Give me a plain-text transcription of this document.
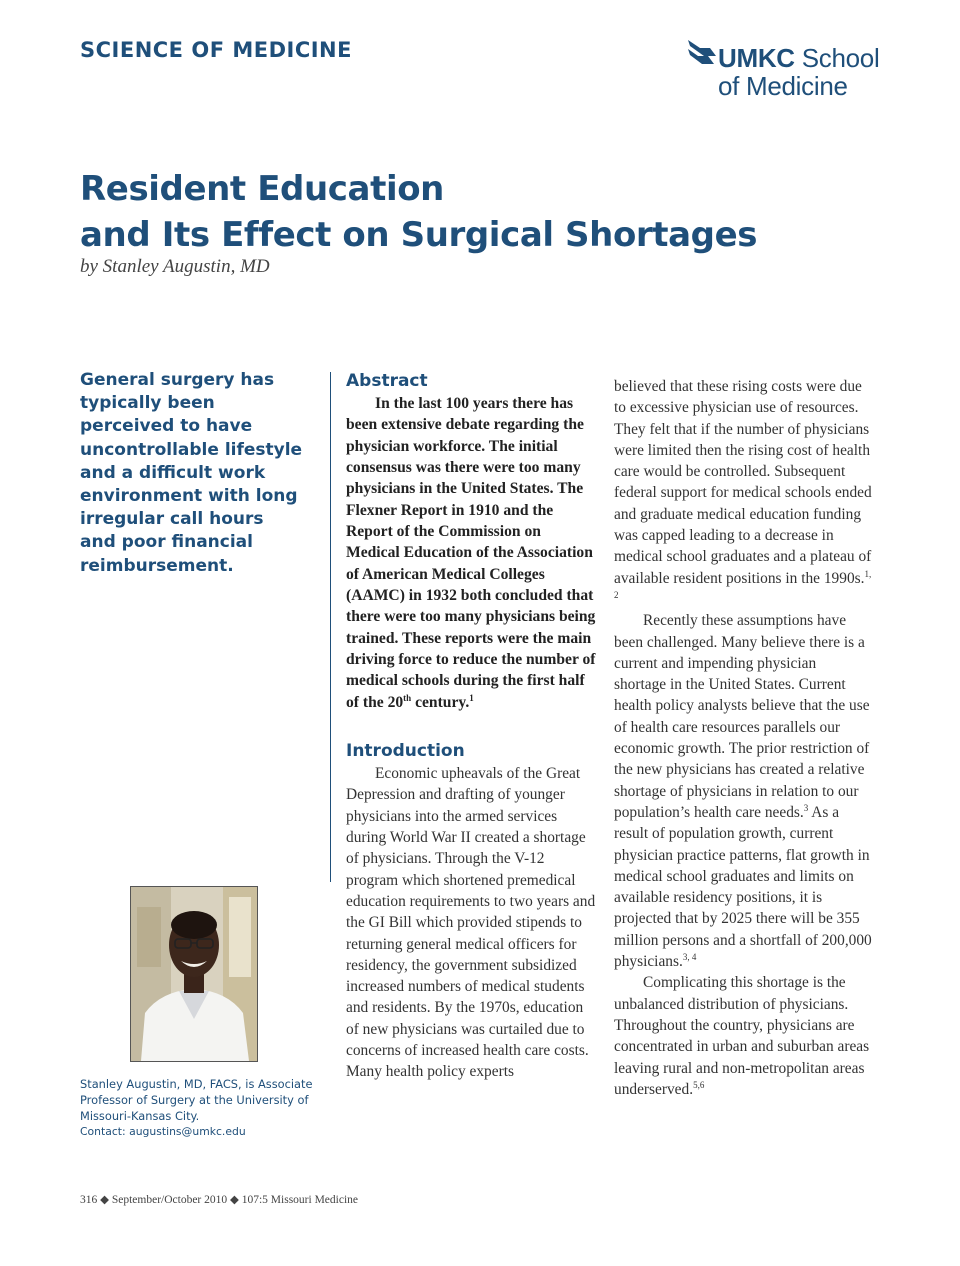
SCIENCE OF MEDICINE	UMKC School
of Medicine
Resident Education
and Its Effect on Surgical Shortages
by Stanley Augustin, MD
General surgery has typically been perceived to have uncontrollable lifestyle and a difficult work environment with long irregular call hours and poor financial reimbursement.
Abstract

In the last 100 years there has been extensive debate regarding the physician workforce. The initial consensus was there were too many physicians in the United States. The Flexner Report in 1910 and the Report of the Commission on Medical Education of the Association of American Medical Colleges (AAMC) in 1932 both concluded that there were too many physicians being trained. These reports were the main driving force to reduce the number of medical schools during the first half of the 20th century.$^1$

Introduction

Economic upheavals of the Great Depression and drafting of younger physicians into the armed services during World War II created a shortage of physicians. Through the V-12 program which shortened premedical education requirements to two years and the GI Bill which provided stipends to returning general medical officers for residency, the government subsidized increased numbers of medical students and residents. By the 1970s, education of new physicians was curtailed due to concerns of increased health care costs. Many health policy experts

believed that these rising costs were due to excessive physician use of resources. They felt that if the number of physicians were limited then the rising cost of health care would be controlled. Subsequent federal support for medical schools ended and graduate medical education funding was capped leading to a decrease in medical school graduates and a plateau of available resident positions in the 1990s.$^{1, 2}$

Recently these assumptions have been challenged. Many believe there is a current and impending physician shortage in the United States. Current health policy analysts believe that the use of health care resources parallels our economic growth. The prior restriction of the new physicians has created a relative shortage of physicians in relation to our population’s health care needs.$^3$ As a result of population growth, current physician practice patterns, flat growth in medical school graduates and limits on available residency positions, it is projected that by 2025 there will be 355 million persons and a shortfall of 200,000 physicians.$^{3, 4}$

Complicating this shortage is the unbalanced distribution of physicians. Throughout the country, physicians are concentrated in urban and suburban areas leaving rural and non-metropolitan areas underserved.$^{5,6}$

Stanley Augustin, MD, FACS, is Associate Professor of Surgery at the University of Missouri-Kansas City.
Contact: augustins@umkc.edu
316 ◆ September/October 2010 ◆ 107:5 Missouri Medicine
